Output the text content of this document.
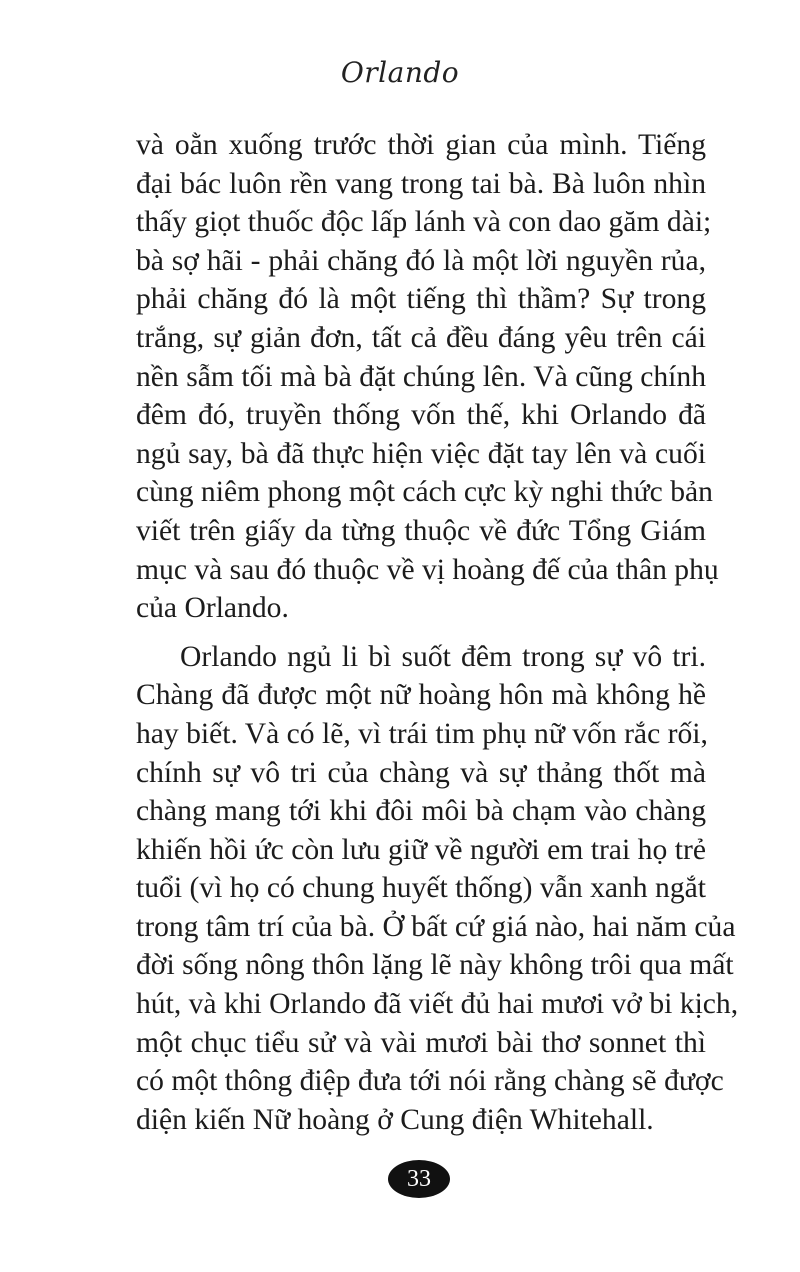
Orlando
và oằn xuống trước thời gian của mình. Tiếng
đại bác luôn rền vang trong tai bà. Bà luôn nhìn
thấy giọt thuốc độc lấp lánh và con dao găm dài;
bà sợ hãi - phải chăng đó là một lời nguyền rủa,
phải chăng đó là một tiếng thì thầm? Sự trong
trắng, sự giản đơn, tất cả đều đáng yêu trên cái
nền sẫm tối mà bà đặt chúng lên. Và cũng chính
đêm đó, truyền thống vốn thế, khi Orlando đã
ngủ say, bà đã thực hiện việc đặt tay lên và cuối
cùng niêm phong một cách cực kỳ nghi thức bản
viết trên giấy da từng thuộc về đức Tổng Giám
mục và sau đó thuộc về vị hoàng đế của thân phụ
của Orlando.
Orlando ngủ li bì suốt đêm trong sự vô tri.
Chàng đã được một nữ hoàng hôn mà không hề
hay biết. Và có lẽ, vì trái tim phụ nữ vốn rắc rối,
chính sự vô tri của chàng và sự thảng thốt mà
chàng mang tới khi đôi môi bà chạm vào chàng
khiến hồi ức còn lưu giữ về người em trai họ trẻ
tuổi (vì họ có chung huyết thống) vẫn xanh ngắt
trong tâm trí của bà. Ở bất cứ giá nào, hai năm của
đời sống nông thôn lặng lẽ này không trôi qua mất
hút, và khi Orlando đã viết đủ hai mươi vở bi kịch,
một chục tiểu sử và vài mươi bài thơ sonnet thì
có một thông điệp đưa tới nói rằng chàng sẽ được
diện kiến Nữ hoàng ở Cung điện Whitehall.
33
